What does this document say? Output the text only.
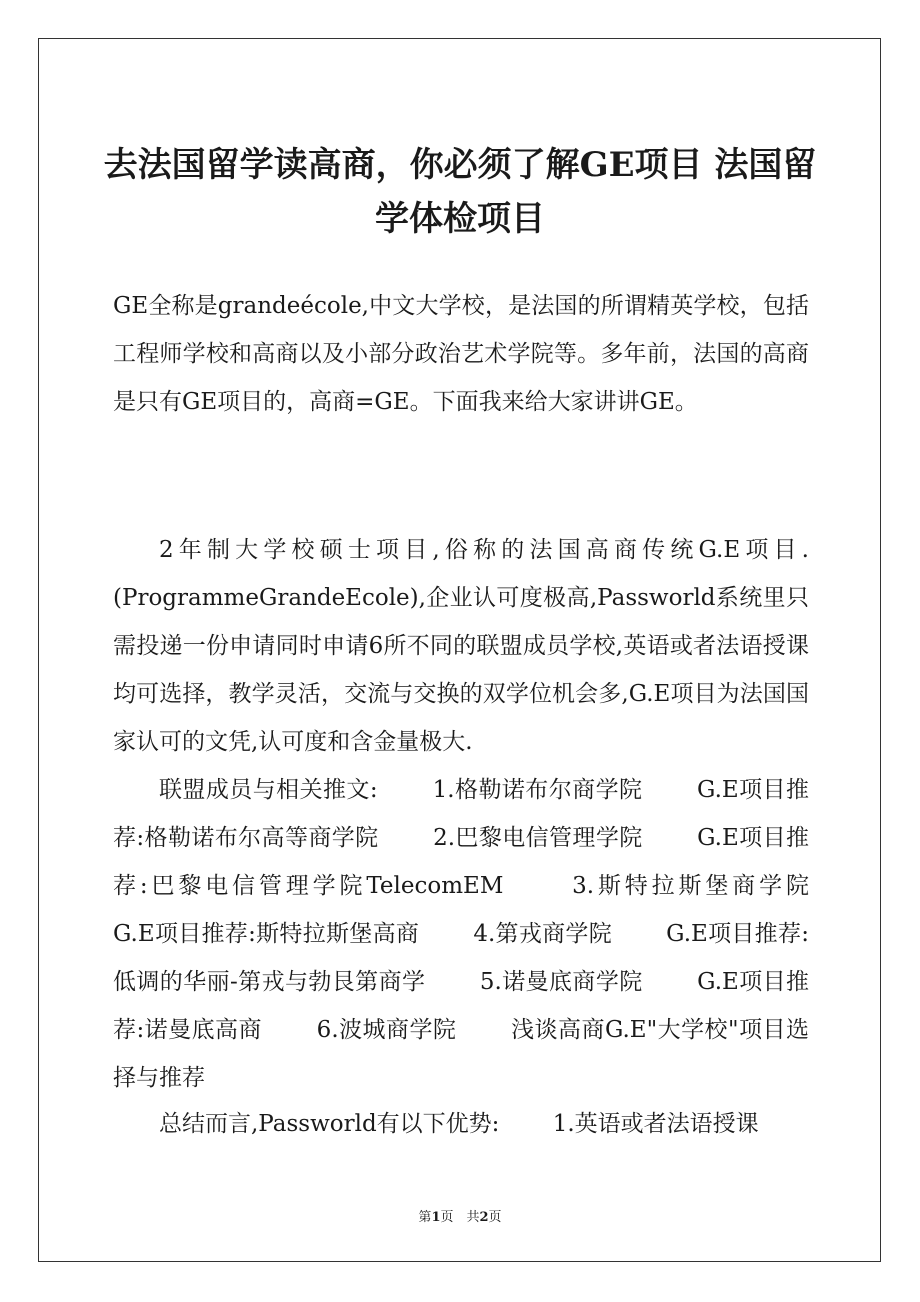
去法国留学读高商，你必须了解GE项目 法国留学体检项目

GE全称是grandeécole,中文大学校，是法国的所谓精英学校，包括工程师学校和高商以及小部分政治艺术学院等。多年前，法国的高商是只有GE项目的，高商=GE。下面我来给大家讲讲GE。

2年制大学校硕士项目,俗称的法国高商传统G.E项目.(ProgrammeGrandeEcole),企业认可度极高,Passworld系统里只需投递一份申请同时申请6所不同的联盟成员学校,英语或者法语授课均可选择，教学灵活，交流与交换的双学位机会多,G.E项目为法国国家认可的文凭,认可度和含金量极大.

联盟成员与相关推文:　　 1.格勒诺布尔商学院　　 G.E项目推荐:格勒诺布尔高等商学院　　 2.巴黎电信管理学院　　 G.E项目推荐:巴黎电信管理学院TelecomEM　　 3.斯特拉斯堡商学院　　 G.E项目推荐:斯特拉斯堡高商　　 4.第戎商学院　　 G.E项目推荐:低调的华丽-第戎与勃艮第商学　　 5.诺曼底商学院　　 G.E项目推荐:诺曼底高商　　 6.波城商学院　　 浅谈高商G.E"大学校"项目选择与推荐

总结而言,Passworld有以下优势:　　 1.英语或者法语授课

第1页　共2页
